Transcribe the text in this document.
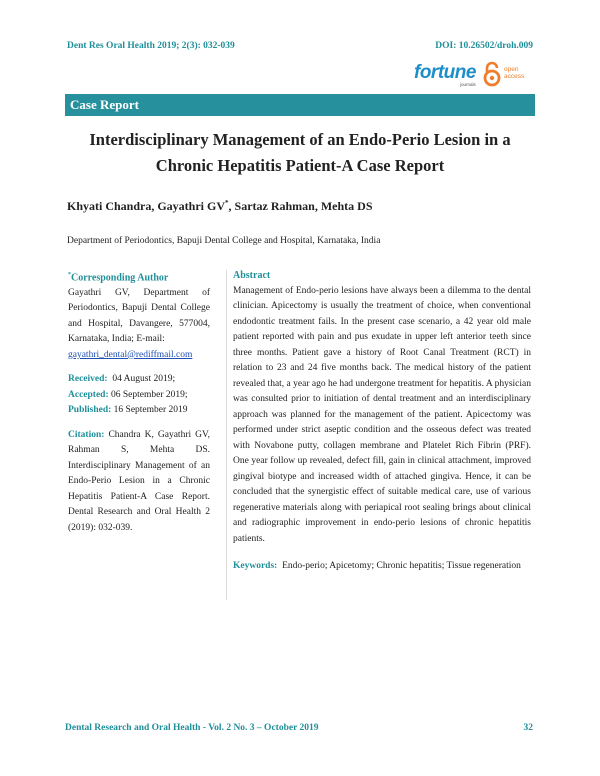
Dent Res Oral Health 2019; 2(3): 032-039	DOI: 10.26502/droh.009
fortune
journals
open
access
Case Report
Interdisciplinary Management of an Endo-Perio Lesion in a
Chronic Hepatitis Patient-A Case Report
Khyati Chandra, Gayathri GV*, Sartaz Rahman, Mehta DS
Department of Periodontics, Bapuji Dental College and Hospital, Karnataka, India
*Corresponding Author
Gayathri GV, Department of Periodontics, Bapuji Dental College and Hospital, Davangere, 577004, Karnataka, India; E-mail:
gayathri_dental@rediffmail.com
Received: 04 August 2019;
Accepted: 06 September 2019;
Published: 16 September 2019
Citation: Chandra K, Gayathri GV, Rahman S, Mehta DS. Interdisciplinary Management of an Endo-Perio Lesion in a Chronic Hepatitis Patient-A Case Report. Dental Research and Oral Health 2 (2019): 032-039.
Abstract
Management of Endo-perio lesions have always been a dilemma to the dental clinician. Apicectomy is usually the treatment of choice, when conventional endodontic treatment fails. In the present case scenario, a 42 year old male patient reported with pain and pus exudate in upper left anterior teeth since three months. Patient gave a history of Root Canal Treatment (RCT) in relation to 23 and 24 five months back. The medical history of the patient revealed that, a year ago he had undergone treatment for hepatitis. A physician was consulted prior to initiation of dental treatment and an interdisciplinary approach was planned for the management of the patient. Apicectomy was performed under strict aseptic condition and the osseous defect was treated with Novabone putty, collagen membrane and Platelet Rich Fibrin (PRF). One year follow up revealed, defect fill, gain in clinical attachment, improved gingival biotype and increased width of attached gingiva. Hence, it can be concluded that the synergistic effect of suitable medical care, use of various regenerative materials along with periapical root sealing brings about clinical and radiographic improvement in endo-perio lesions of chronic hepatitis patients.
Keywords: Endo-perio; Apicetomy; Chronic hepatitis; Tissue regeneration
Dental Research and Oral Health - Vol. 2 No. 3 – October 2019	32
